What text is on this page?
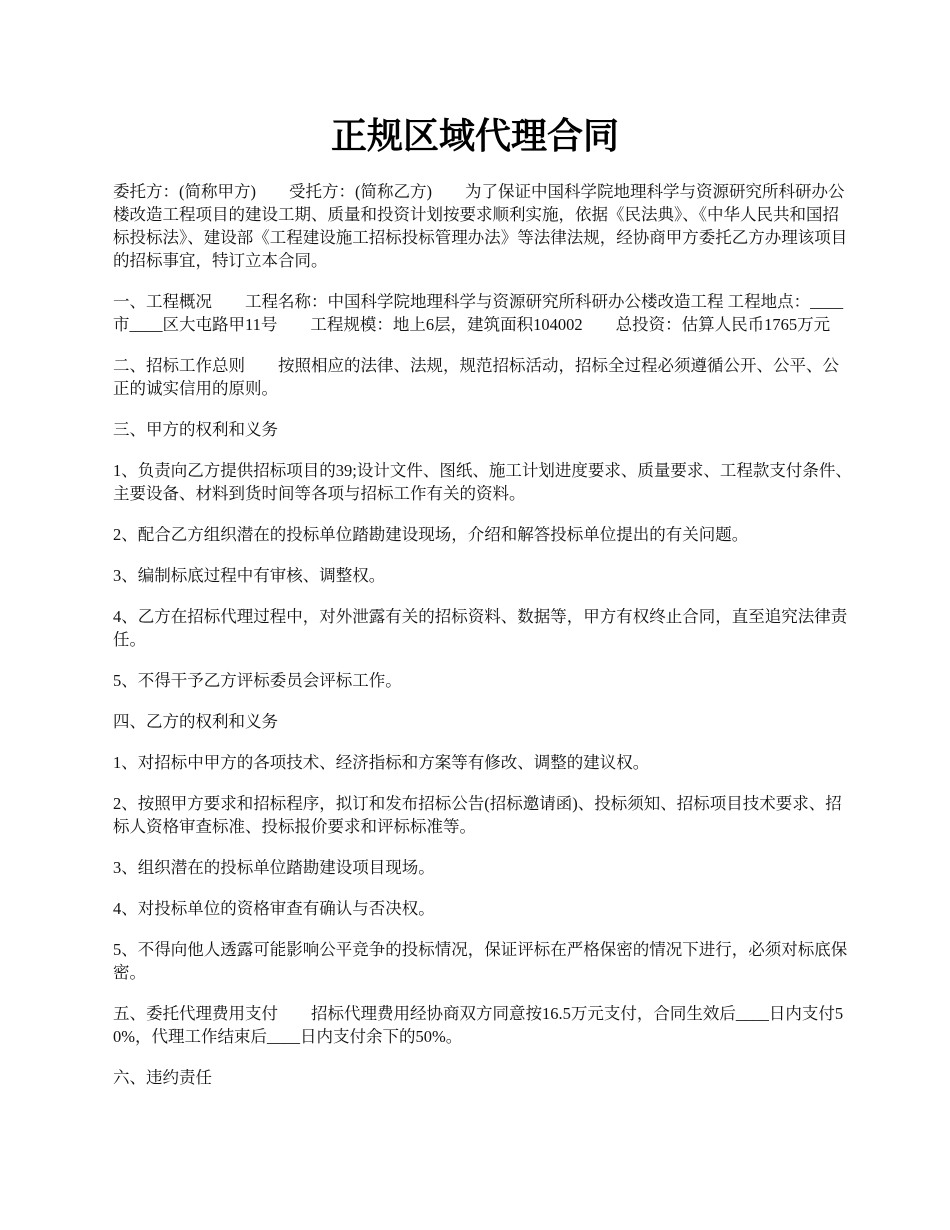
正规区域代理合同

委托方：(简称甲方)　　受托方：(简称乙方)　　为了保证中国科学院地理科学与资源研究所科研办公楼改造工程项目的建设工期、质量和投资计划按要求顺利实施，依据《民法典》、《中华人民共和国招标投标法》、建设部《工程建设施工招标投标管理办法》等法律法规，经协商甲方委托乙方办理该项目的招标事宜，特订立本合同。

一、工程概况　　工程名称：中国科学院地理科学与资源研究所科研办公楼改造工程 工程地点：____市____区大屯路甲11号　　工程规模：地上6层，建筑面积104002　　总投资：估算人民币1765万元

二、招标工作总则　　按照相应的法律、法规，规范招标活动，招标全过程必须遵循公开、公平、公正的诚实信用的原则。

三、甲方的权利和义务

1、负责向乙方提供招标项目的39;设计文件、图纸、施工计划进度要求、质量要求、工程款支付条件、主要设备、材料到货时间等各项与招标工作有关的资料。

2、配合乙方组织潜在的投标单位踏勘建设现场，介绍和解答投标单位提出的有关问题。

3、编制标底过程中有审核、调整权。

4、乙方在招标代理过程中，对外泄露有关的招标资料、数据等，甲方有权终止合同，直至追究法律责任。

5、不得干予乙方评标委员会评标工作。

四、乙方的权利和义务

1、对招标中甲方的各项技术、经济指标和方案等有修改、调整的建议权。

2、按照甲方要求和招标程序，拟订和发布招标公告(招标邀请函)、投标须知、招标项目技术要求、招标人资格审查标准、投标报价要求和评标标准等。

3、组织潜在的投标单位踏勘建设项目现场。

4、对投标单位的资格审查有确认与否决权。

5、不得向他人透露可能影响公平竞争的投标情况，保证评标在严格保密的情况下进行，必须对标底保密。

五、委托代理费用支付　　招标代理费用经协商双方同意按16.5万元支付，合同生效后____日内支付50%，代理工作结束后____日内支付余下的50%。

六、违约责任
